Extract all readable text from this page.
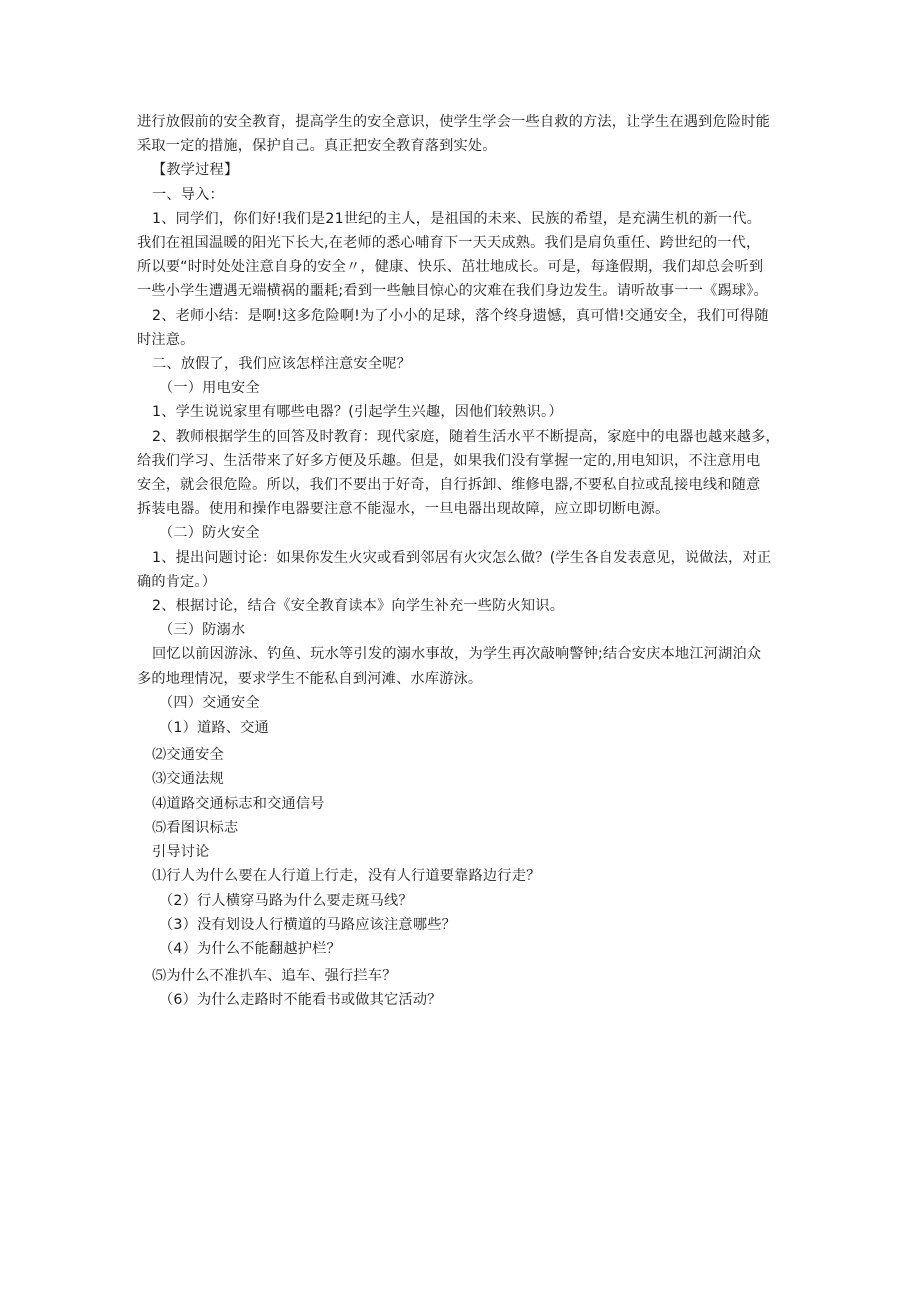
进行放假前的安全教育，提高学生的安全意识，使学生学会一些自救的方法，让学生在遇到危险时能
采取一定的措施，保护自己。真正把安全教育落到实处。
【教学过程】
一、导入：
1、同学们，你们好!我们是21世纪的主人，是祖国的未来、民族的希望，是充满生机的新一代。
我们在祖国温暖的阳光下长大,在老师的悉心哺育下一天天成熟。我们是肩负重任、跨世纪的一代，
所以要“时时处处注意自身的安全〃，健康、快乐、茁壮地成长。可是，每逢假期，我们却总会听到
一些小学生遭遇无端横祸的噩耗;看到一些触目惊心的灾难在我们身边发生。请听故事一一《踢球》。
2、老师小结：是啊!这多危险啊!为了小小的足球，落个终身遗憾，真可惜!交通安全，我们可得随
时注意。
二、放假了，我们应该怎样注意安全呢？
（一）用电安全
1、学生说说家里有哪些电器？(引起学生兴趣，因他们较熟识。）
2、教师根据学生的回答及时教育：现代家庭，随着生活水平不断提高，家庭中的电器也越来越多，
给我们学习、生活带来了好多方便及乐趣。但是，如果我们没有掌握一定的,用电知识，不注意用电
安全，就会很危险。所以，我们不要出于好奇，自行拆卸、维修电器,不要私自拉或乱接电线和随意
拆装电器。使用和操作电器要注意不能湿水，一旦电器出现故障，应立即切断电源。
（二）防火安全
1、提出问题讨论：如果你发生火灾或看到邻居有火灾怎么做？(学生各自发表意见，说做法，对正
确的肯定。）
2、根据讨论，结合《安全教育读本》向学生补充一些防火知识。
（三）防溺水
回忆以前因游泳、钓鱼、玩水等引发的溺水事故，为学生再次敲响警钟;结合安庆本地江河湖泊众
多的地理情况，要求学生不能私自到河滩、水库游泳。
（四）交通安全
（1）道路、交通
⑵交通安全
⑶交通法规
⑷道路交通标志和交通信号
⑸看图识标志
引导讨论
⑴行人为什么要在人行道上行走，没有人行道要靠路边行走？
（2）行人横穿马路为什么要走斑马线？
（3）没有划设人行横道的马路应该注意哪些？
（4）为什么不能翻越护栏？
⑸为什么不准扒车、追车、强行拦车？
（6）为什么走路时不能看书或做其它活动？
